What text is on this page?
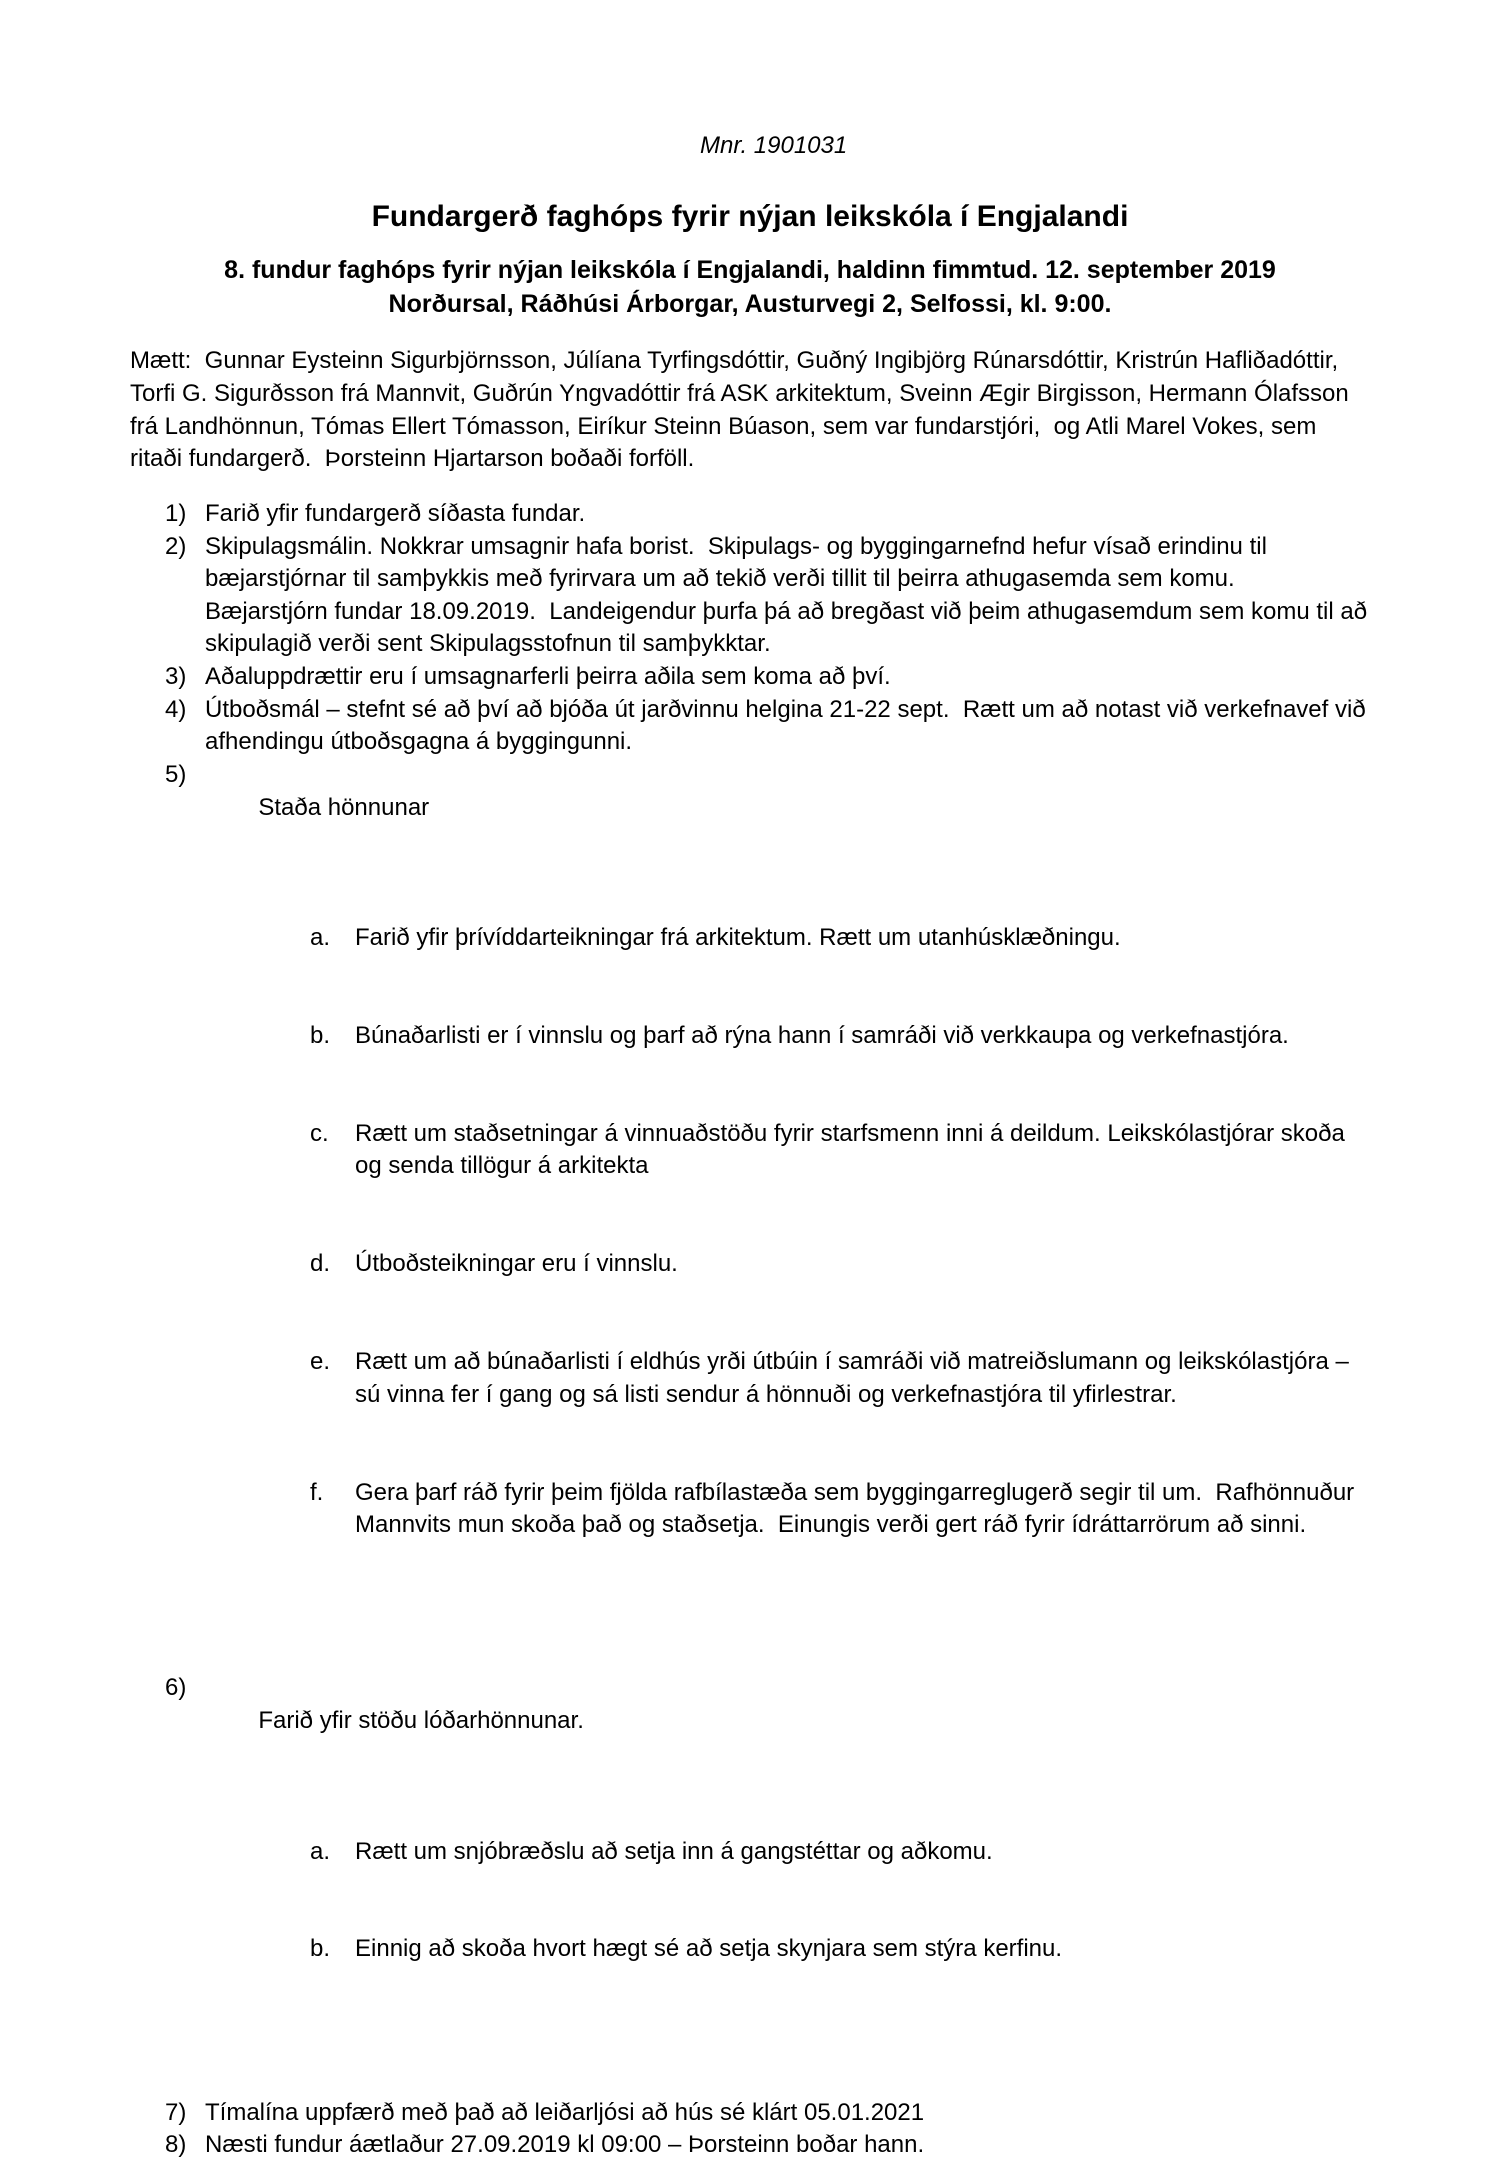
Mnr. 1901031

Fundargerð faghóps fyrir nýjan leikskóla í Engjalandi

8. fundur faghóps fyrir nýjan leikskóla í Engjalandi, haldinn fimmtud. 12. september 2019

Norðursal, Ráðhúsi Árborgar, Austurvegi 2, Selfossi, kl. 9:00.

Mætt:  Gunnar Eysteinn Sigurbjörnsson, Júlíana Tyrfingsdóttir, Guðný Ingibjörg Rúnarsdóttir, Kristrún Hafliðadóttir, Torfi G. Sigurðsson frá Mannvit, Guðrún Yngvadóttir frá ASK arkitektum, Sveinn Ægir Birgisson, Hermann Ólafsson frá Landhönnun, Tómas Ellert Tómasson, Eiríkur Steinn Búason, sem var fundarstjóri,  og Atli Marel Vokes, sem ritaði fundargerð.  Þorsteinn Hjartarson boðaði forföll.

1) Farið yfir fundargerð síðasta fundar.
2) Skipulagsmálin. Nokkrar umsagnir hafa borist.  Skipulags- og byggingarnefnd hefur vísað erindinu til bæjarstjórnar til samþykkis með fyrirvara um að tekið verði tillit til þeirra athugasemda sem komu.  Bæjarstjórn fundar 18.09.2019.  Landeigendur þurfa þá að bregðast við þeim athugasemdum sem komu til að skipulagið verði sent Skipulagsstofnun til samþykktar.
3) Aðaluppdrættir eru í umsagnarferli þeirra aðila sem koma að því.
4) Útboðsmál – stefnt sé að því að bjóða út jarðvinnu helgina 21-22 sept.  Rætt um að notast við verkefnavef við afhendingu útboðsgagna á byggingunni.
5)

Staða hönnunar

a.	Farið yfir þrívíddarteikningar frá arkitektum. Rætt um utanhúsklæðningu.

b.	Búnaðarlisti er í vinnslu og þarf að rýna hann í samráði við verkkaupa og verkefnastjóra.

c.	Rætt um staðsetningar á vinnuaðstöðu fyrir starfsmenn inni á deildum. Leikskólastjórar skoða og senda tillögur á arkitekta

d.	Útboðsteikningar eru í vinnslu.

e.	Rætt um að búnaðarlisti í eldhús yrði útbúin í samráði við matreiðslumann og leikskólastjóra – sú vinna fer í gang og sá listi sendur á hönnuði og verkefnastjóra til yfirlestrar.

f.	Gera þarf ráð fyrir þeim fjölda rafbílastæða sem byggingarreglugerð segir til um.  Rafhönnuður Mannvits mun skoða það og staðsetja.  Einungis verði gert ráð fyrir ídráttarrörum að sinni.

6)

Farið yfir stöðu lóðarhönnunar.

a.	Rætt um snjóbræðslu að setja inn á gangstéttar og aðkomu.

b.	Einnig að skoða hvort hægt sé að setja skynjara sem stýra kerfinu.

7) Tímalína uppfærð með það að leiðarljósi að hús sé klárt 05.01.2021
8) Næsti fundur áætlaður 27.09.2019 kl 09:00 – Þorsteinn boðar hann.
